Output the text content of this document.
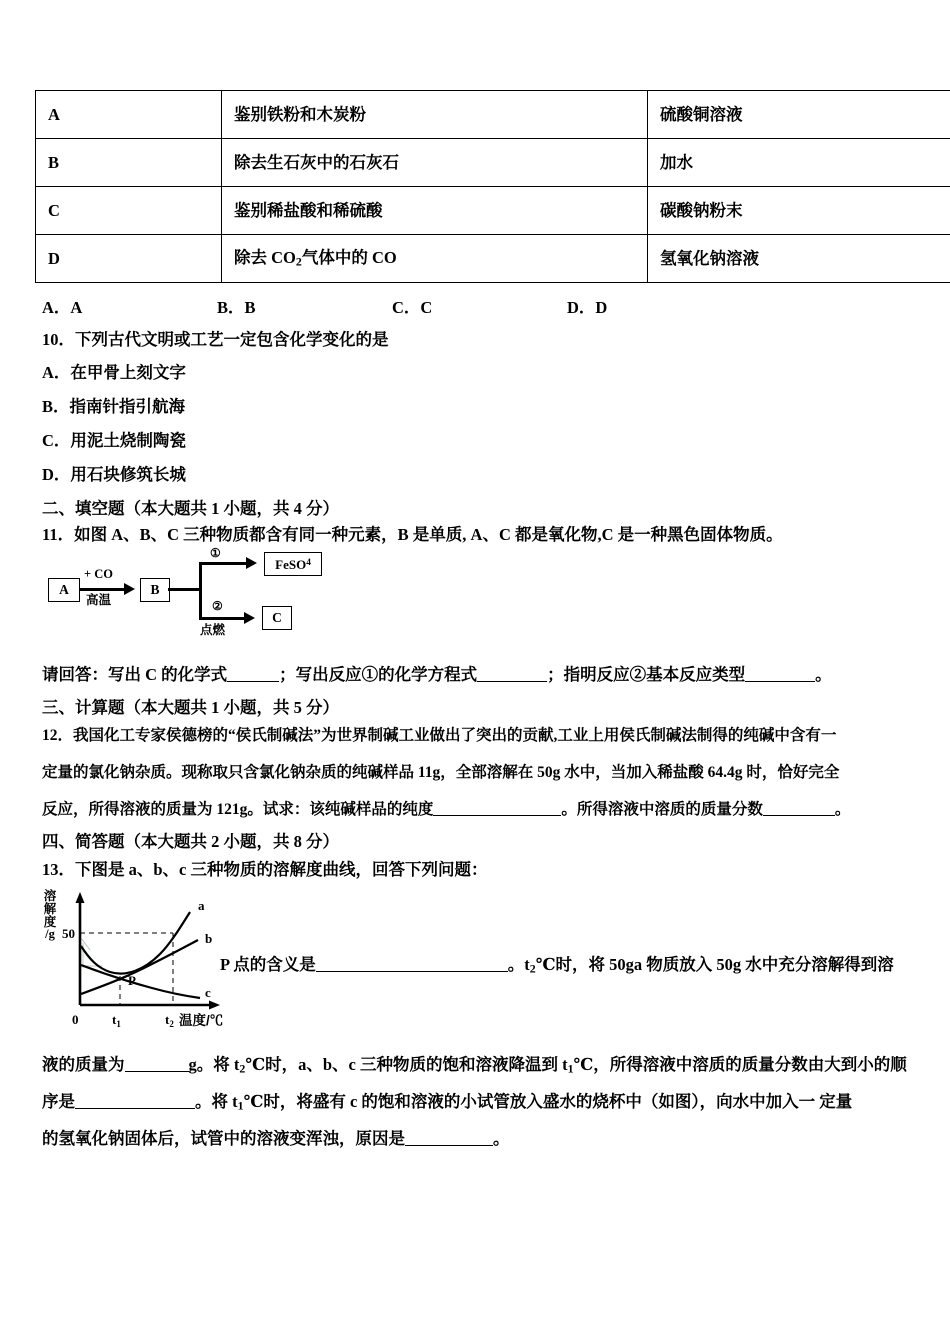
A	鉴别铁粉和木炭粉	硫酸铜溶液
B	除去生石灰中的石灰石	加水
C	鉴别稀盐酸和稀硫酸	碳酸钠粉末
D	除去 $CO_2$气体中的 CO	氢氧化钠溶液
A．A	B．B	C．C	D．D
10．下列古代文明或工艺一定包含化学变化的是
A．在甲骨上刻文字
B．指南针指引航海
C．用泥土烧制陶瓷
D．用石块修筑长城
二、填空题（本大题共 1 小题，共 4 分）
11．如图 A、B、C 三种物质都含有同一种元素，B 是单质, A、C 都是氧化物,C 是一种黑色固体物质。
A
+ CO
高温
B
①
FeSO 4
②
点燃
C
请回答：写出 C 的化学式	；写出反应①的化学方程式	；指明反应②基本反应类型	。
三、计算题（本大题共 1 小题，共 5 分）
12．我国化工专家侯德榜的“侯氏制碱法”为世界制碱工业做出了突出的贡献,工业上用侯氏制碱法制得的纯碱中含有一
定量的氯化钠杂质。现称取只含氯化钠杂质的纯碱样品 11g，全部溶解在 50g 水中，当加入稀盐酸 64.4g 时，恰好完全
反应，所得溶液的质量为 121g。试求：该纯碱样品的纯度	。所得溶液中溶质的质量分数	。
四、简答题（本大题共 2 小题，共 8 分）
13．下图是 a、b、c 三种物质的溶解度曲线，回答下列问题：
溶
解
度
/g
a
b
c
P
50
0	$t_1$	$t_2$ 温度/℃
P 点的含义是	。$t_2℃$时，将 50ga 物质放入 50g 水中充分溶解得到溶
液的质量为	g。将 $t_2℃$时，a、b、c 三种物质的饱和溶液降温到 $t_1℃$，所得溶液中溶质的质量分数由大到小的顺
序是	。将 $t_1℃$时，将盛有 c 的饱和溶液的小试管放入盛水的烧杯中（如图），向水中加入一 定量
的氢氧化钠固体后，试管中的溶液变浑浊，原因是	。
